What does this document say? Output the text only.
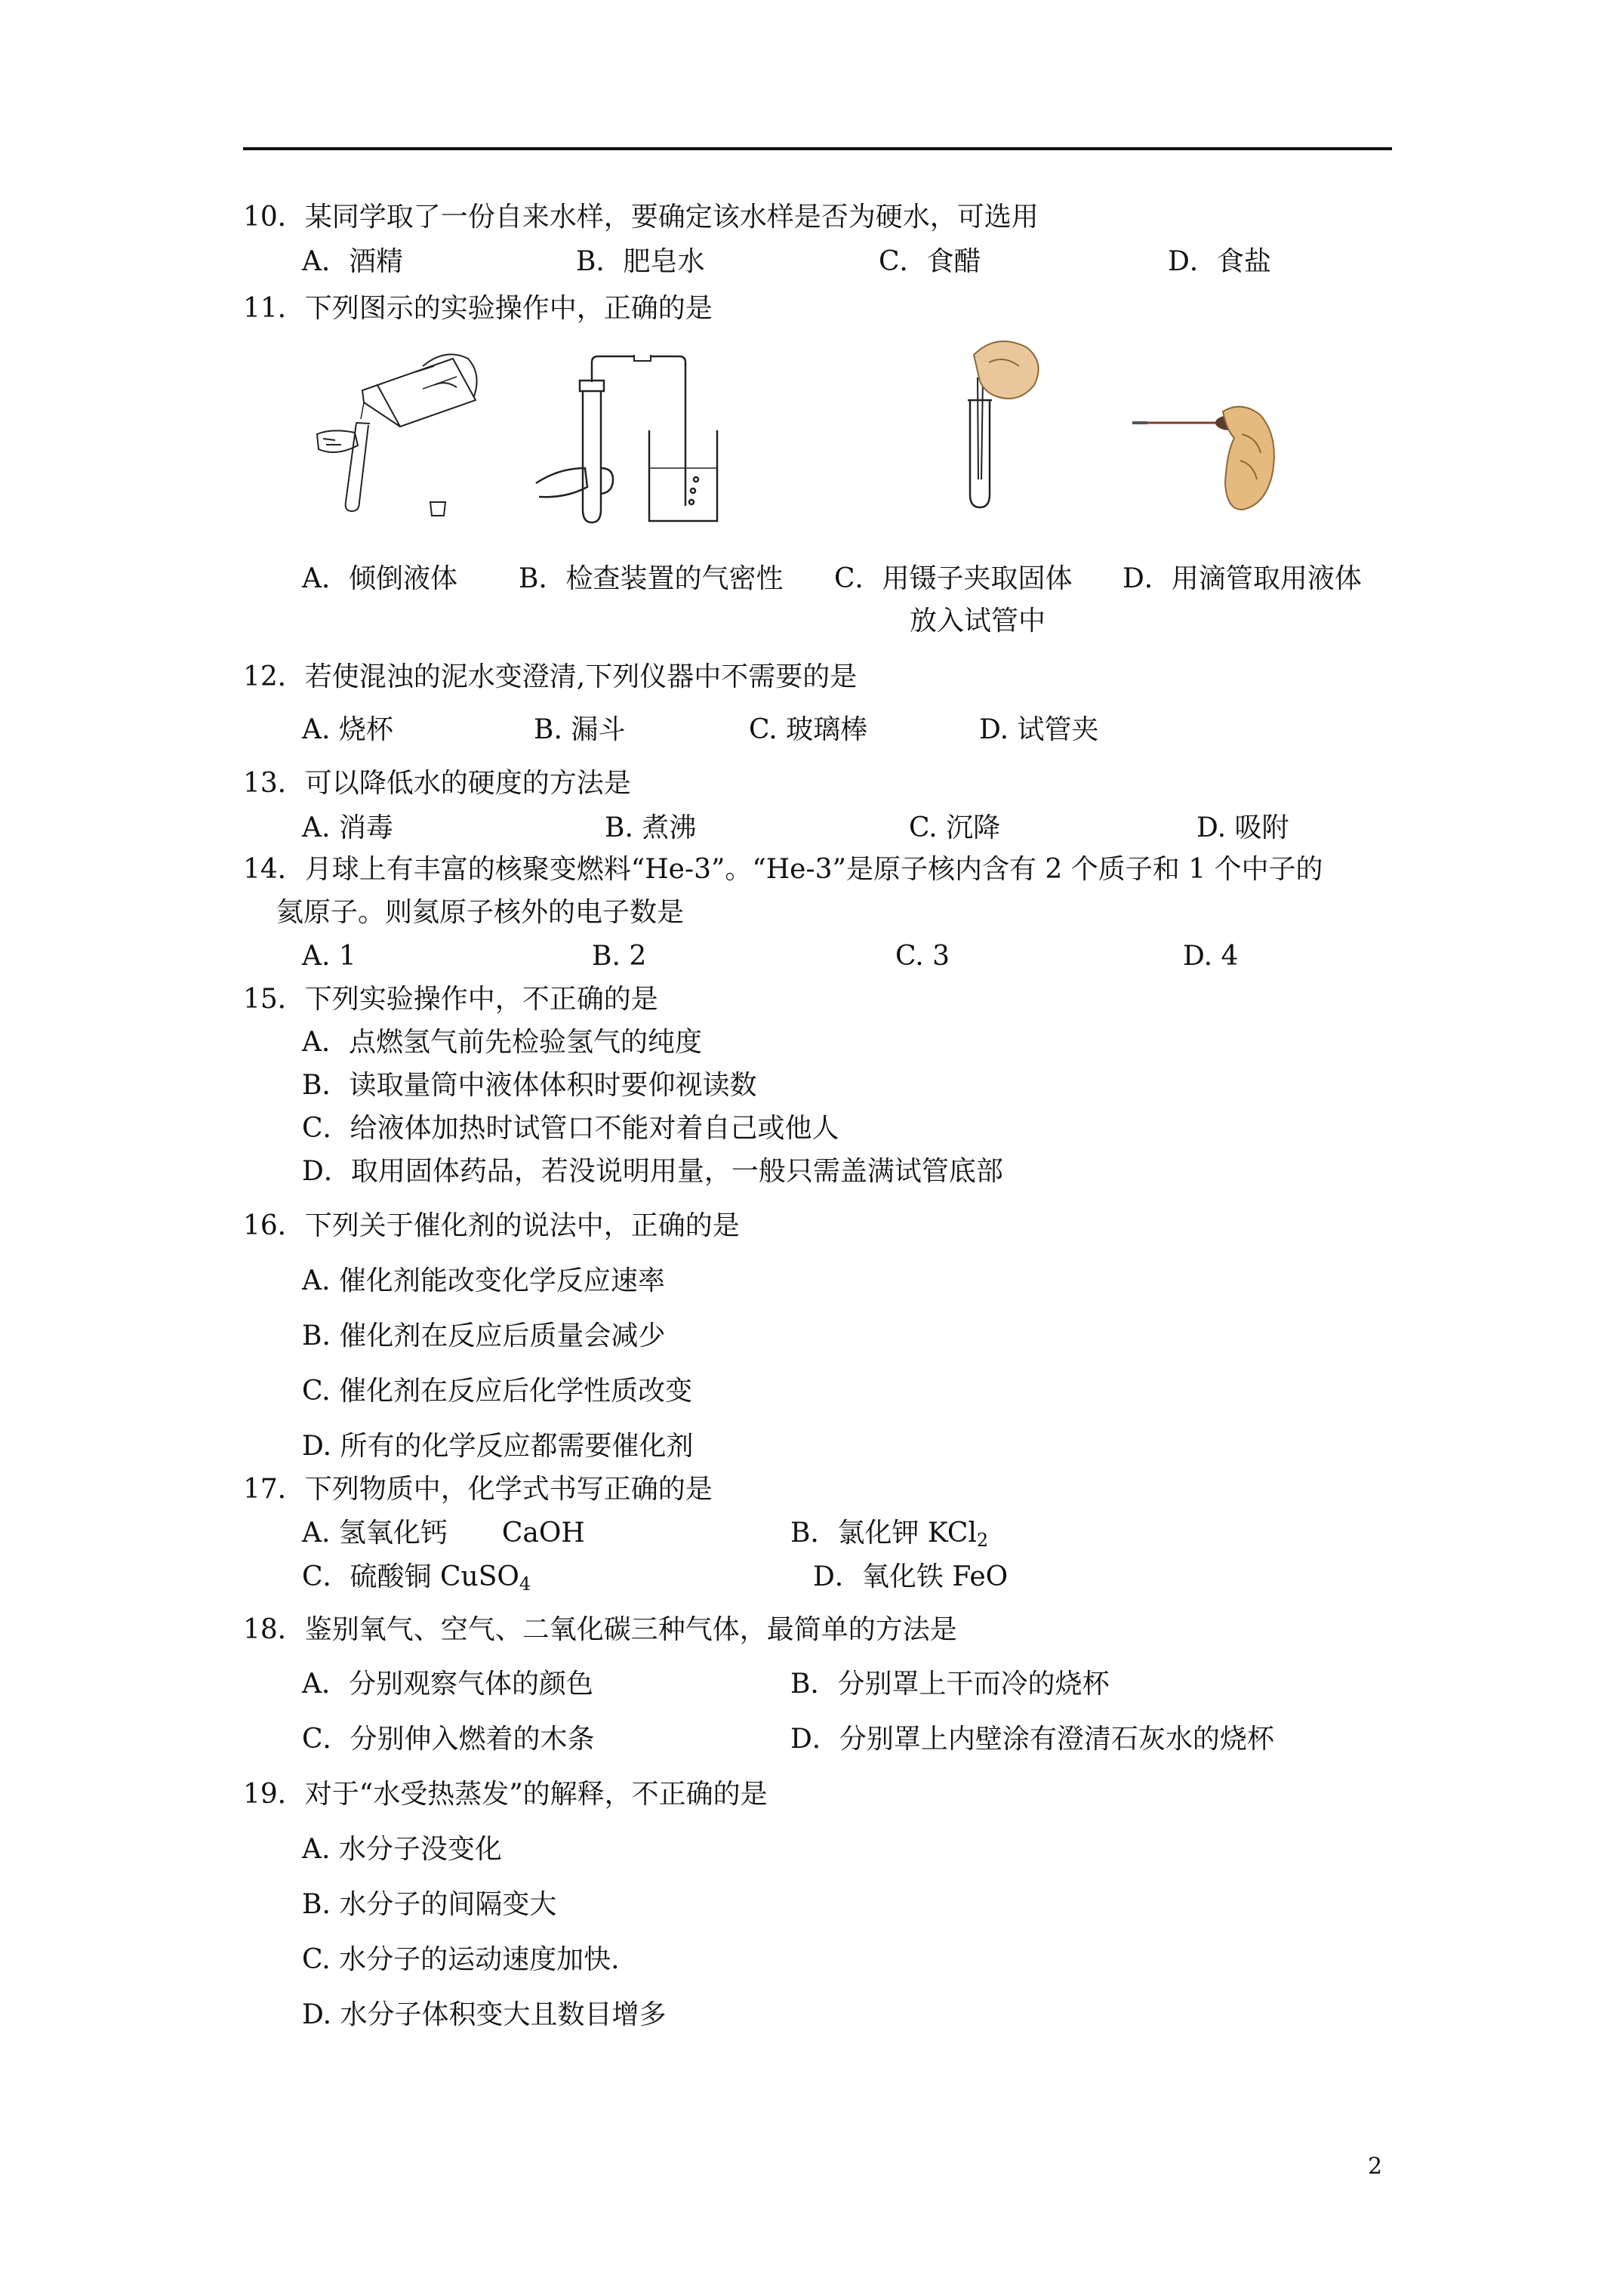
10．某同学取了一份自来水样，要确定该水样是否为硬水，可选用
A．酒精	B．肥皂水	C．食醋	D．食盐
11．下列图示的实验操作中，正确的是
A．倾倒液体 B．检查装置的气密性 C．用镊子夹取固体
放入试管中
D．用滴管取用液体
12．若使混浊的泥水变澄清,下列仪器中不需要的是
A. 烧杯	B. 漏斗	C. 玻璃棒	D. 试管夹
13．可以降低水的硬度的方法是
A. 消毒	B. 煮沸	C. 沉降	D. 吸附
14．月球上有丰富的核聚变燃料“He-3”。“He-3”是原子核内含有 2 个质子和 1 个中子的
氦原子。则氦原子核外的电子数是
A. 1	B. 2	C. 3	D. 4
15．下列实验操作中，不正确的是
A．点燃氢气前先检验氢气的纯度
B．读取量筒中液体体积时要仰视读数
C．给液体加热时试管口不能对着自己或他人
D．取用固体药品，若没说明用量，一般只需盖满试管底部
16．下列关于催化剂的说法中，正确的是
A. 催化剂能改变化学反应速率
B. 催化剂在反应后质量会减少
C. 催化剂在反应后化学性质改变
D. 所有的化学反应都需要催化剂
17．下列物质中，化学式书写正确的是
A. 氢氧化钙 CaOH	B．氯化钾 KCl$_2$
C．硫酸铜 CuSO$_4$	D．氧化铁 FeO
18．鉴别氧气、空气、二氧化碳三种气体，最简单的方法是
A．分别观察气体的颜色	B．分别罩上干而冷的烧杯
C．分别伸入燃着的木条	D．分别罩上内壁涂有澄清石灰水的烧杯
19．对于“水受热蒸发”的解释，不正确的是
A. 水分子没变化
B. 水分子的间隔变大
C. 水分子的运动速度加快.
D. 水分子体积变大且数目增多
2
